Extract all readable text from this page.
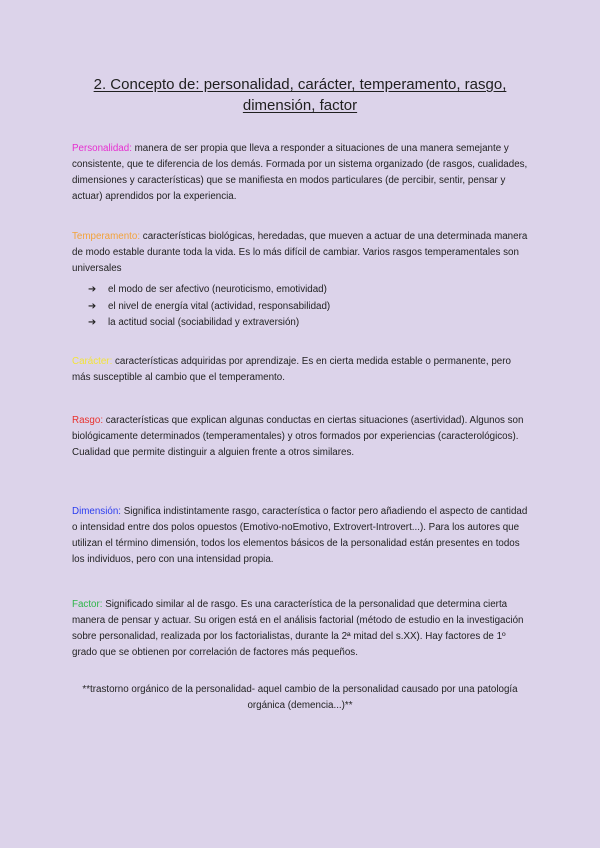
2. Concepto de: personalidad, carácter, temperamento, rasgo, dimensión, factor
Personalidad: manera de ser propia que lleva a responder a situaciones de una manera semejante y consistente, que te diferencia de los demás. Formada por un sistema organizado (de rasgos, cualidades, dimensiones y características) que se manifiesta en modos particulares (de percibir, sentir, pensar y actuar) aprendidos por la experiencia.
Temperamento: características biológicas, heredadas, que mueven a actuar de una determinada manera de modo estable durante toda la vida. Es lo más difícil de cambiar. Varios rasgos temperamentales son universales
➔ el modo de ser afectivo (neuroticismo, emotividad)
➔ el nivel de energía vital (actividad, responsabilidad)
➔ la actitud social (sociabilidad y extraversión)
Carácter: características adquiridas por aprendizaje. Es en cierta medida estable o permanente, pero más susceptible al cambio que el temperamento.
Rasgo: características que explican algunas conductas en ciertas situaciones (asertividad). Algunos son biológicamente determinados (temperamentales) y otros formados por experiencias (caracterológicos). Cualidad que permite distinguir a alguien frente a otros similares.
Dimensión: Significa indistintamente rasgo, característica o factor pero añadiendo el aspecto de cantidad o intensidad entre dos polos opuestos (Emotivo-noEmotivo, Extrovert-Introvert...). Para los autores que utilizan el término dimensión, todos los elementos básicos de la personalidad están presentes en todos los individuos, pero con una intensidad propia.
Factor: Significado similar al de rasgo. Es una característica de la personalidad que determina cierta manera de pensar y actuar. Su origen está en el análisis factorial (método de estudio en la investigación sobre personalidad, realizada por los factorialistas, durante la 2ª mitad del s.XX). Hay factores de 1º grado que se obtienen por correlación de factores más pequeños.
**trastorno orgánico de la personalidad- aquel cambio de la personalidad causado por una patología orgánica (demencia...)**
